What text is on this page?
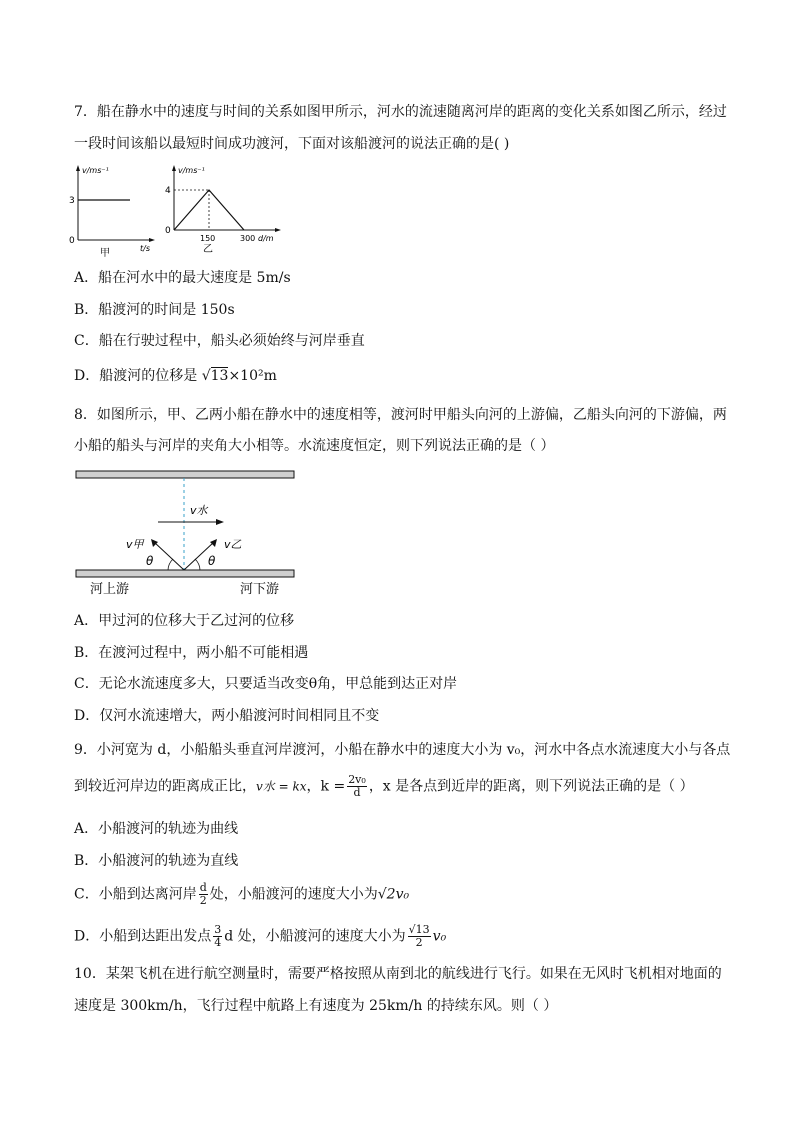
7．船在静水中的速度与时间的关系如图甲所示，河水的流速随离河岸的距离的变化关系如图乙所示，经过
一段时间该船以最短时间成功渡河，下面对该船渡河的说法正确的是( )
v/ms⁻¹
3
0
t/s
甲
v/ms⁻¹
4
0
150	300 d/m
乙
A．船在河水中的最大速度是 5m/s
B．船渡河的时间是 150s
C．船在行驶过程中，船头必须始终与河岸垂直
D．船渡河的位移是 √13×10²m
8．如图所示，甲、乙两小船在静水中的速度相等，渡河时甲船头向河的上游偏，乙船头向河的下游偏，两
小船的船头与河岸的夹角大小相等。水流速度恒定，则下列说法正确的是（ ）
v水
v甲	v乙
θ	θ
河上游	河下游
A．甲过河的位移大于乙过河的位移
B．在渡河过程中，两小船不可能相遇
C．无论水流速度多大，只要适当改变θ角，甲总能到达正对岸
D．仅河水流速增大，两小船渡河时间相同且不变
9．小河宽为 d，小船船头垂直河岸渡河，小船在静水中的速度大小为 v₀，河水中各点水流速度大小与各点
到较近河岸边的距离成正比，v水 = kx，$k = \frac{\text{2v₀}}{d}$ ，x 是各点到近岸的距离，则下列说法正确的是（ ）
A．小船渡河的轨迹为曲线
B．小船渡河的轨迹为直线
C．小船到达离河岸 $\frac{d}{2}$ 处，小船渡河的速度大小为√2v₀
D．小船到达距出发点 $\frac{3}{4}$ d 处，小船渡河的速度大小为 $\frac{√13}{2} v_0$
10．某架飞机在进行航空测量时，需要严格按照从南到北的航线进行飞行。如果在无风时飞机相对地面的
速度是 300km/h，飞行过程中航路上有速度为 25km/h 的持续东风。则（ ）
